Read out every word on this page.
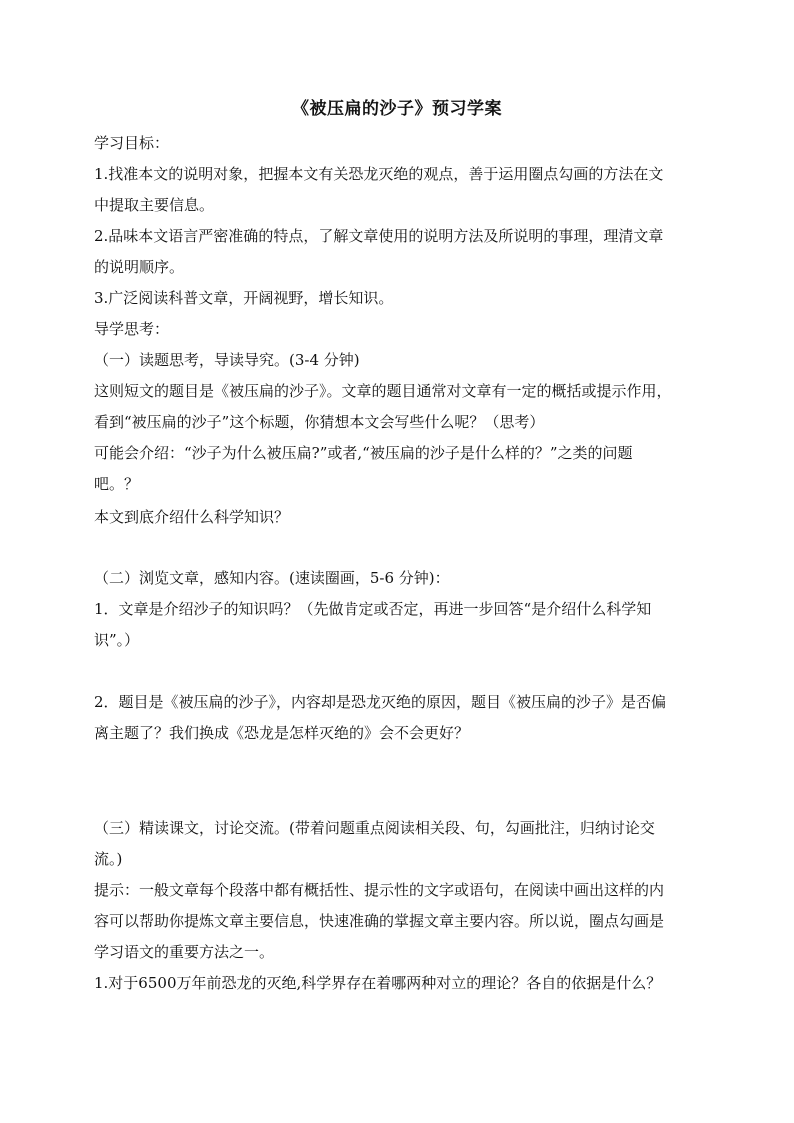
《被压扁的沙子》预习学案
学习目标：
1.找准本文的说明对象，把握本文有关恐龙灭绝的观点，善于运用圈点勾画的方法在文
中提取主要信息。
2.品味本文语言严密准确的特点，了解文章使用的说明方法及所说明的事理，理清文章
的说明顺序。
3.广泛阅读科普文章，开阔视野，增长知识。
导学思考：
（一）读题思考，导读导究。(3-4 分钟)
这则短文的题目是《被压扁的沙子》。文章的题目通常对文章有一定的概括或提示作用，
看到“被压扁的沙子”这个标题，你猜想本文会写些什么呢？（思考）
可能会介绍：“沙子为什么被压扁?”或者,“被压扁的沙子是什么样的？”之类的问题
吧。？
本文到底介绍什么科学知识？
（二）浏览文章，感知内容。(速读圈画，5-6 分钟)：
1．文章是介绍沙子的知识吗？（先做肯定或否定，再进一步回答“是介绍什么科学知
识”。）
2．题目是《被压扁的沙子》，内容却是恐龙灭绝的原因，题目《被压扁的沙子》是否偏
离主题了？我们换成《恐龙是怎样灭绝的》会不会更好？
（三）精读课文，讨论交流。(带着问题重点阅读相关段、句，勾画批注，归纳讨论交
流。)
提示：一般文章每个段落中都有概括性、提示性的文字或语句，在阅读中画出这样的内
容可以帮助你提炼文章主要信息，快速准确的掌握文章主要内容。所以说，圈点勾画是
学习语文的重要方法之一。
1.对于6500万年前恐龙的灭绝,科学界存在着哪两种对立的理论？各自的依据是什么？
